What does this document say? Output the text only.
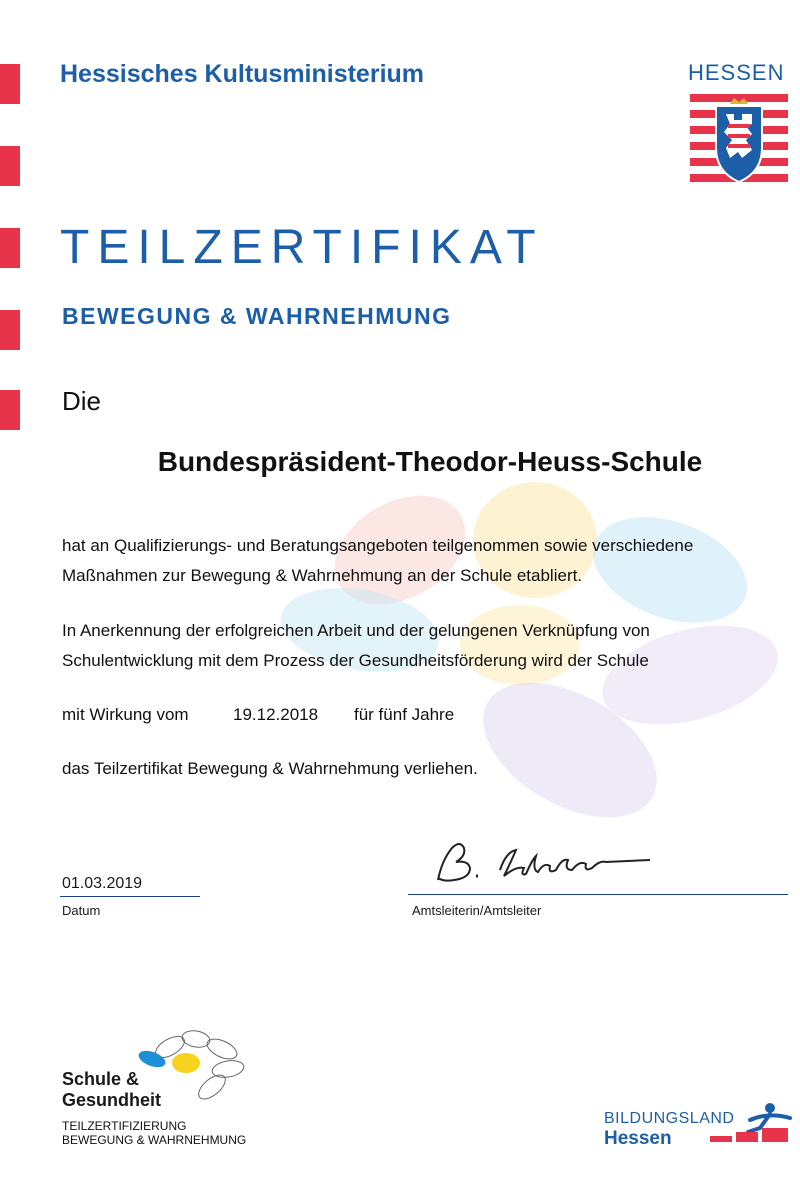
Hessisches Kultusministerium	HESSEN
TEILZERTIFIKAT
BEWEGUNG & WAHRNEHMUNG
Die
Bundespräsident-Theodor-Heuss-Schule
hat an Qualifizierungs- und Beratungsangeboten teilgenommen sowie verschiedene
Maßnahmen zur Bewegung & Wahrnehmung an der Schule etabliert.
In Anerkennung der erfolgreichen Arbeit und der gelungenen Verknüpfung von
Schulentwicklung mit dem Prozess der Gesundheitsförderung wird der Schule
mit Wirkung vom	19.12.2018 für fünf Jahre
das Teilzertifikat Bewegung & Wahrnehmung verliehen.
01.03.2019
Datum	Amtsleiterin/Amtsleiter
Schule &
Gesundheit
TEILZERTIFIZIERUNG
BEWEGUNG & WAHRNEHMUNG
BILDUNGSLAND
Hessen
